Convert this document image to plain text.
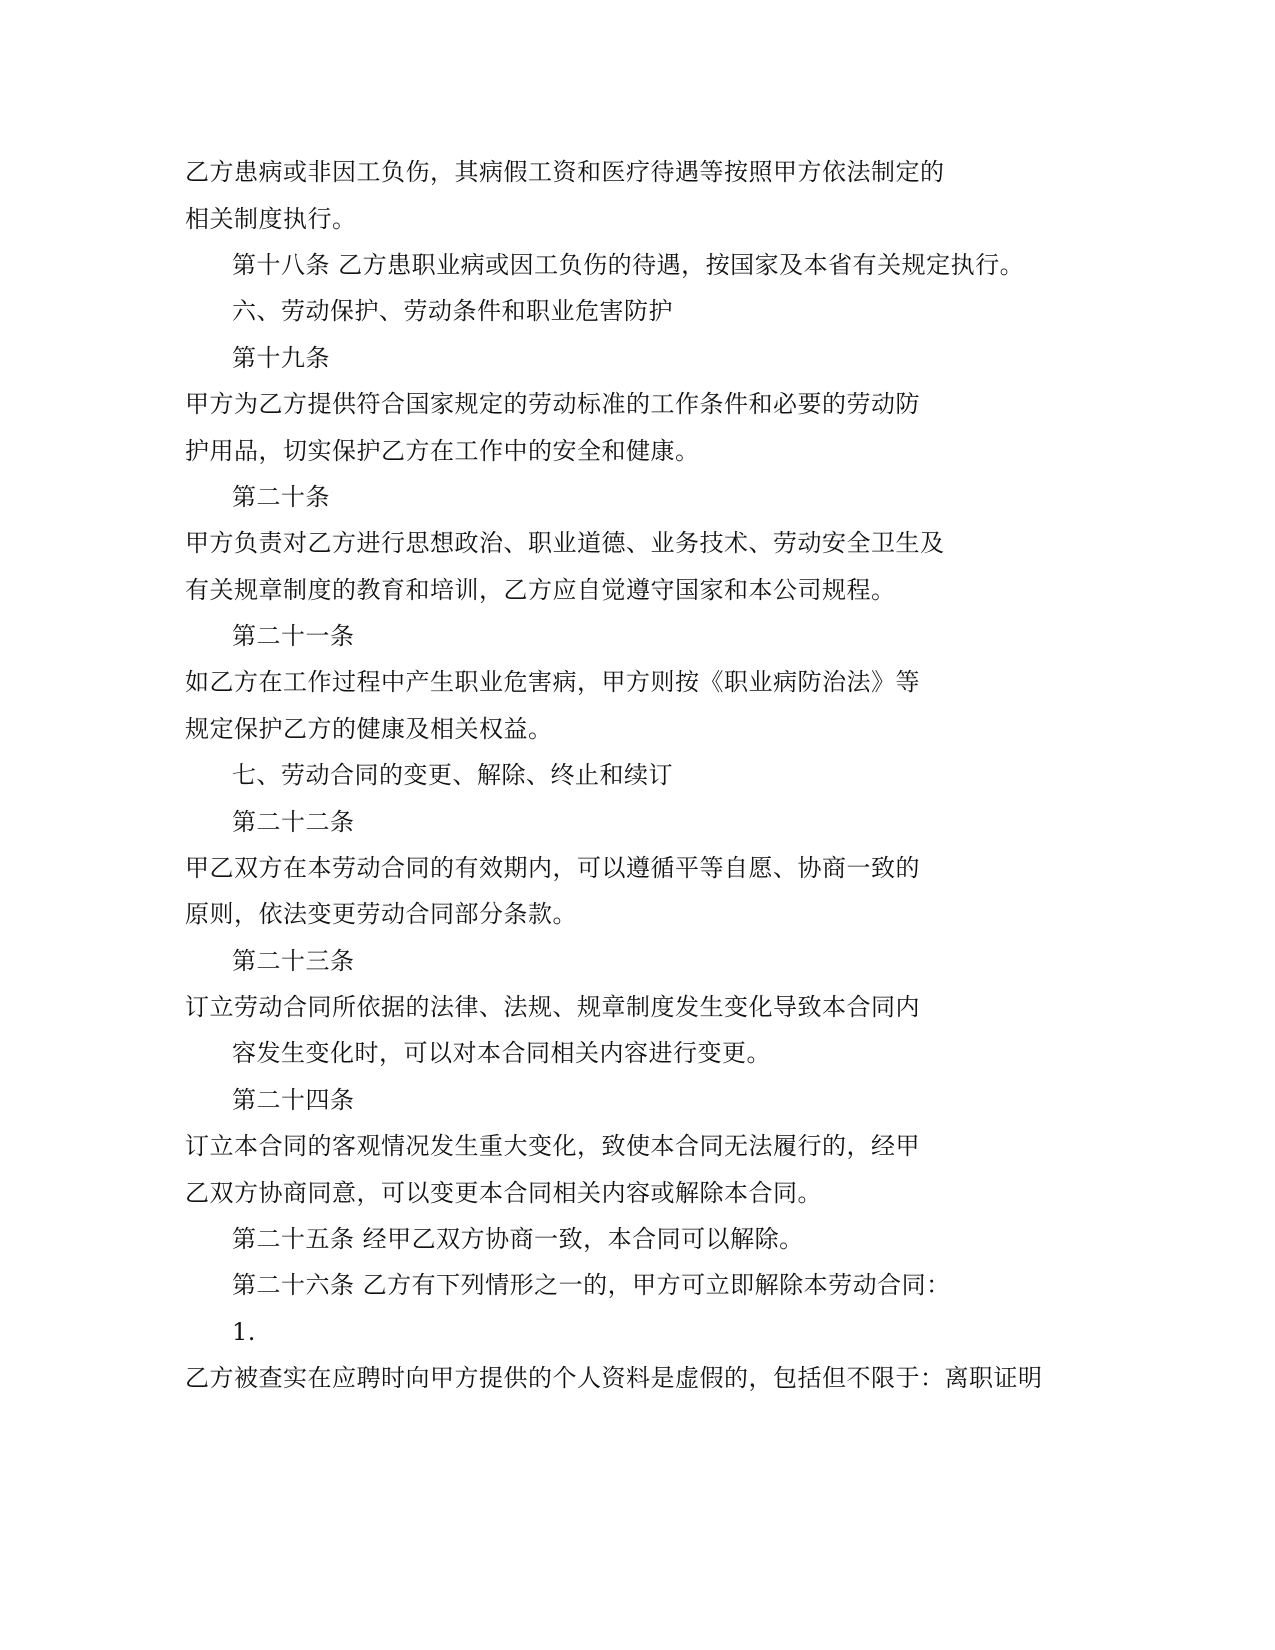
乙方患病或非因工负伤，其病假工资和医疗待遇等按照甲方依法制定的
相关制度执行。
第十八条 乙方患职业病或因工负伤的待遇，按国家及本省有关规定执行。
六、劳动保护、劳动条件和职业危害防护
第十九条
甲方为乙方提供符合国家规定的劳动标准的工作条件和必要的劳动防
护用品，切实保护乙方在工作中的安全和健康。
第二十条
甲方负责对乙方进行思想政治、职业道德、业务技术、劳动安全卫生及
有关规章制度的教育和培训，乙方应自觉遵守国家和本公司规程。
第二十一条
如乙方在工作过程中产生职业危害病，甲方则按《职业病防治法》等
规定保护乙方的健康及相关权益。
七、劳动合同的变更、解除、终止和续订
第二十二条
甲乙双方在本劳动合同的有效期内，可以遵循平等自愿、协商一致的
原则，依法变更劳动合同部分条款。
第二十三条
订立劳动合同所依据的法律、法规、规章制度发生变化导致本合同内
容发生变化时，可以对本合同相关内容进行变更。
第二十四条
订立本合同的客观情况发生重大变化，致使本合同无法履行的，经甲
乙双方协商同意，可以变更本合同相关内容或解除本合同。
第二十五条 经甲乙双方协商一致，本合同可以解除。
第二十六条 乙方有下列情形之一的，甲方可立即解除本劳动合同：
1.
乙方被查实在应聘时向甲方提供的个人资料是虚假的，包括但不限于：离职证明
